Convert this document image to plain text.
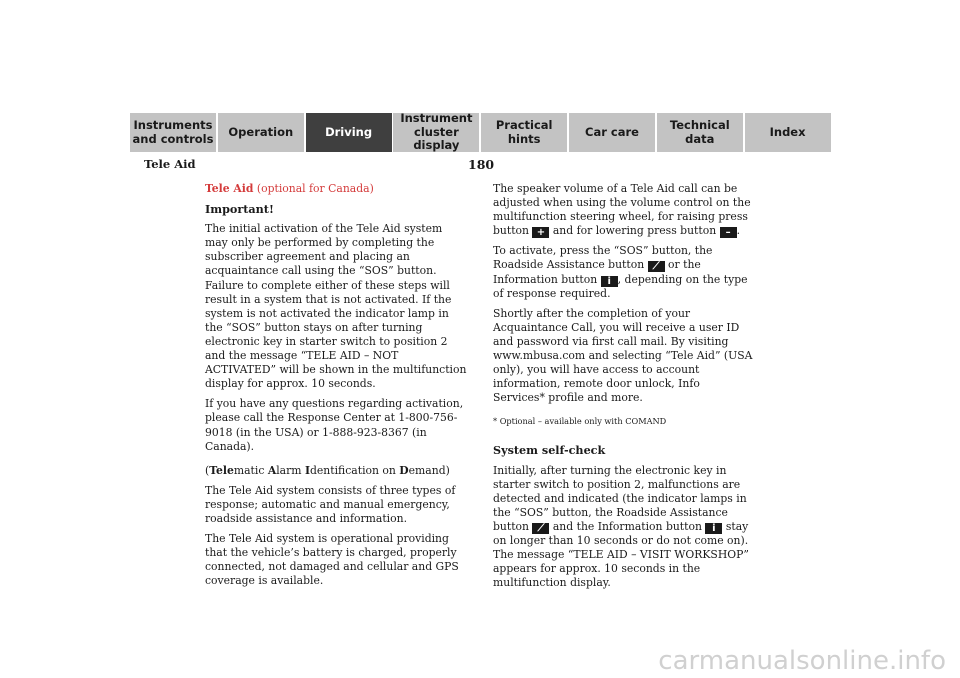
Instruments
and controls	Operation	Driving
Instrument
cluster display
Practical hints	Car care	Technical
data	Index
Tele Aid	180

Tele Aid (optional for Canada)

Important!

The initial activation of the Tele Aid system may only be performed by completing the subscriber agreement and placing an acquaintance call using the “SOS” button. Failure to complete either of these steps will result in a system that is not activated. If the system is not activated the indicator lamp in the “SOS” button stays on after turning electronic key in starter switch to position 2 and the message “TELE AID – NOT ACTIVATED” will be shown in the multifunction display for approx. 10 seconds.

If you have any questions regarding activation, please call the Response Center at 1-800-756-9018 (in the USA) or 1-888-923-8367 (in Canada).

(Telematic Alarm Identification on Demand)

The Tele Aid system consists of three types of response; automatic and manual emergency, roadside assistance and information.

The Tele Aid system is operational providing that the vehicle’s battery is charged, properly connected, not damaged and cellular and GPS coverage is available.

The speaker volume of a Tele Aid call can be adjusted when using the volume control on the multifunction steering wheel, for raising press button + and for lowering press button – .

To activate, press the “SOS” button, the Roadside Assistance button ⟋ or the Information button ⅰ , depending on the type of response required.

Shortly after the completion of your Acquaintance Call, you will receive a user ID and password via first call mail. By visiting www.mbusa.com and selecting “Tele Aid” (USA only), you will have access to account information, remote door unlock, Info Services* profile and more.

* Optional – available only with COMAND

System self-check

Initially, after turning the electronic key in starter switch to position 2, malfunctions are detected and indicated (the indicator lamps in the “SOS” button, the Roadside Assistance button ⟋ and the Information button ⅰ stay on longer than 10 seconds or do not come on). The message “TELE AID – VISIT WORKSHOP” appears for approx. 10 seconds in the multifunction display.

carmanualsonline.info
